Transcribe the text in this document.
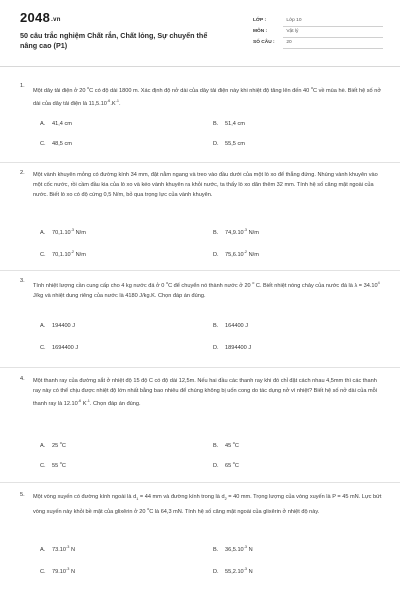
2048.vn
50 câu trắc nghiệm Chất rắn, Chất lỏng, Sự chuyển thể nâng cao (P1)
LỚP :	Lớp 10
MÔN :	Vật lý
SỐ CÂU : 20
1.
Một dây tải điện ở 20 $^o$C có độ dài 1800 m. Xác định độ nở dài của dây tải điện này khi nhiệt độ tăng lên đến 40 $^o$C về mùa hè. Biết hệ số nở dài của dây tải điện là $11,5.10^{-6}.K^{-1}$.
A. 41,4 cm	B. 51,4 cm
C. 48,5 cm	D. 55,5 cm
2. Một vành khuyên mỏng có đường kính 34 mm, đặt nằm ngang và treo vào đầu dưới của một lò xo để thẳng đứng. Nhúng vành khuyên vào một cốc nước, rồi cầm đầu kia của lò xo và kéo vành khuyên ra khỏi nước, ta thấy lò xo dãn thêm 32 mm. Tính hệ số căng mặt ngoài của nước. Biết lò xo có độ cứng 0,5 N/m, bỏ qua trọng lực của vành khuyên.
A. $70,1.10^{-3}$ N/m	B. $74,9.10^{-3}$ N/m
C. $70,1.10^{-2}$ N/m	D. $75,6.10^{-2}$ N/m
3.
Tính nhiệt lượng cần cung cấp cho 4 kg nước đá ở 0 $^o$C để chuyển nó thành nước ở 20 $^o$ C. Biết nhiệt nóng chảy của nước đá là $\lambda = 34.10^4$ J/kg và nhiệt dung riêng của nước là 4180 J/kg.K. Chọn đáp án đúng.
A. 194400 J	B. 164400 J
C. 1694400 J	D. 1894400 J
4. Một thanh ray của đường sắt ở nhiệt độ 15 độ C có độ dài 12,5m. Nếu hai đầu các thanh ray khi đó chỉ đặt cách nhau 4,5mm thì các thanh ray này có thể chịu được nhiệt độ lớn nhất bằng bao nhiêu để chúng không bị uốn cong do tác dụng nở vì nhiệt? Biết hệ số nở dài của mỗi thanh ray là $12.10^{-6}$ $K^{-1}$. Chọn đáp án đúng.
A. 25 $^o$C	B. 45 $^o$C
C. 55 $^o$C	D. 65 $^o$C
5. Một vòng xuyến có đường kính ngoài là $d_1 = 44$ mm và đường kính trong là $d_2 = 40$ mm. Trọng lượng của vòng xuyến là P = 45 mN. Lực bứt vòng xuyến này khỏi bề mặt của glixêrin ở 20 $^o$C là 64,3 mN. Tính hệ số căng mặt ngoài của glixêrin ở nhiệt độ này.
A. $73.10^{-3}$ N	B. $36,5.10^{-3}$ N
C. $79.10^{-3}$ N	D. $55,2.10^{-3}$ N
